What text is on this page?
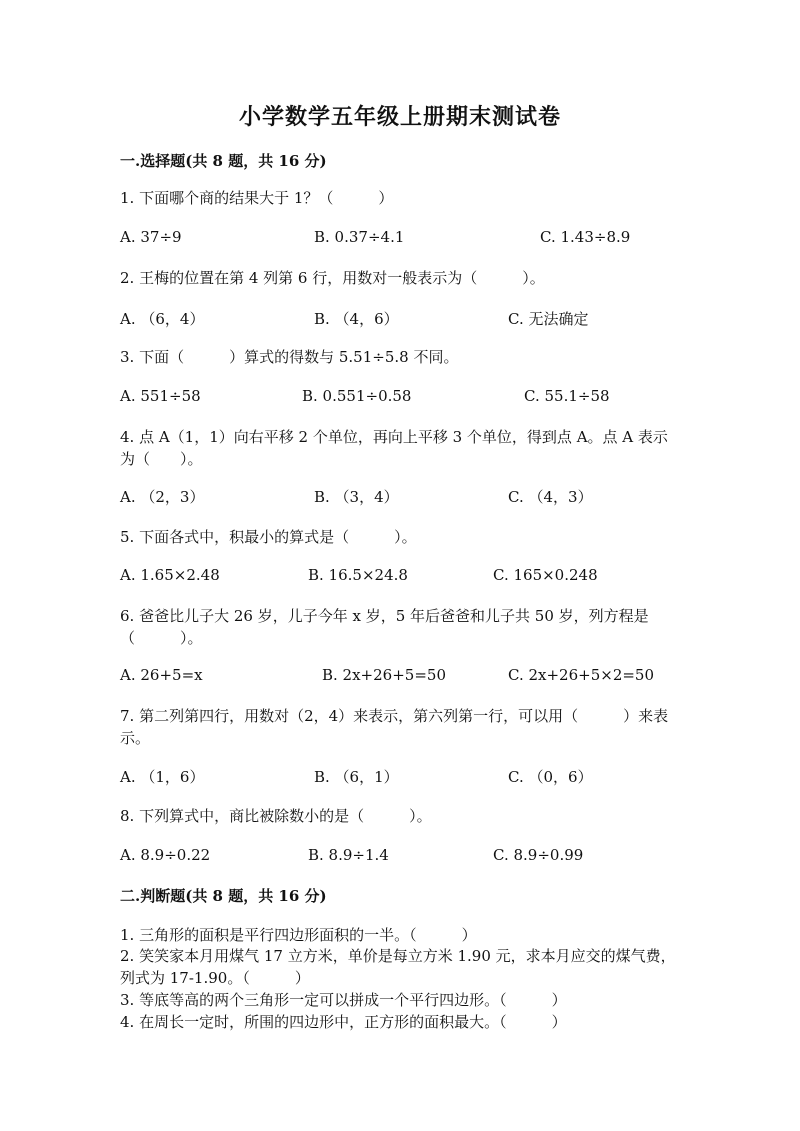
小学数学五年级上册期末测试卷
一.选择题(共 8 题，共 16 分)
1. 下面哪个商的结果大于 1？（　　　）
A. 37÷9	B. 0.37÷4.1	C. 1.43÷8.9
2. 王梅的位置在第 4 列第 6 行，用数对一般表示为（　　　）。
A. （6，4）	B. （4，6）	C. 无法确定
3. 下面（　　　）算式的得数与 5.51÷5.8 不同。
A. 551÷58	B. 0.551÷0.58	C. 55.1÷58
4. 点 A（1，1）向右平移 2 个单位，再向上平移 3 个单位，得到点 A。点 A 表示为（　　）。
A. （2，3）	B. （3，4）	C. （4，3）
5. 下面各式中，积最小的算式是（　　　）。
A. 1.65×2.48	B. 16.5×24.8	C. 165×0.248
6. 爸爸比儿子大 26 岁，儿子今年 x 岁，5 年后爸爸和儿子共 50 岁，列方程是（　　　）。
A. 26+5=x	B. 2x+26+5=50	C. 2x+26+5×2=50
7. 第二列第四行，用数对（2，4）来表示，第六列第一行，可以用（　　　）来表示。
A. （1，6）	B. （6，1）	C. （0，6）
8. 下列算式中，商比被除数小的是（　　　）。
A. 8.9÷0.22	B. 8.9÷1.4	C. 8.9÷0.99
二.判断题(共 8 题，共 16 分)
1. 三角形的面积是平行四边形面积的一半。（　　　）
2. 笑笑家本月用煤气 17 立方米，单价是每立方米 1.90 元，求本月应交的煤气费，列式为 17-1.90。（　　　）
3. 等底等高的两个三角形一定可以拼成一个平行四边形。（　　　）
4. 在周长一定时，所围的四边形中，正方形的面积最大。（　　　）
